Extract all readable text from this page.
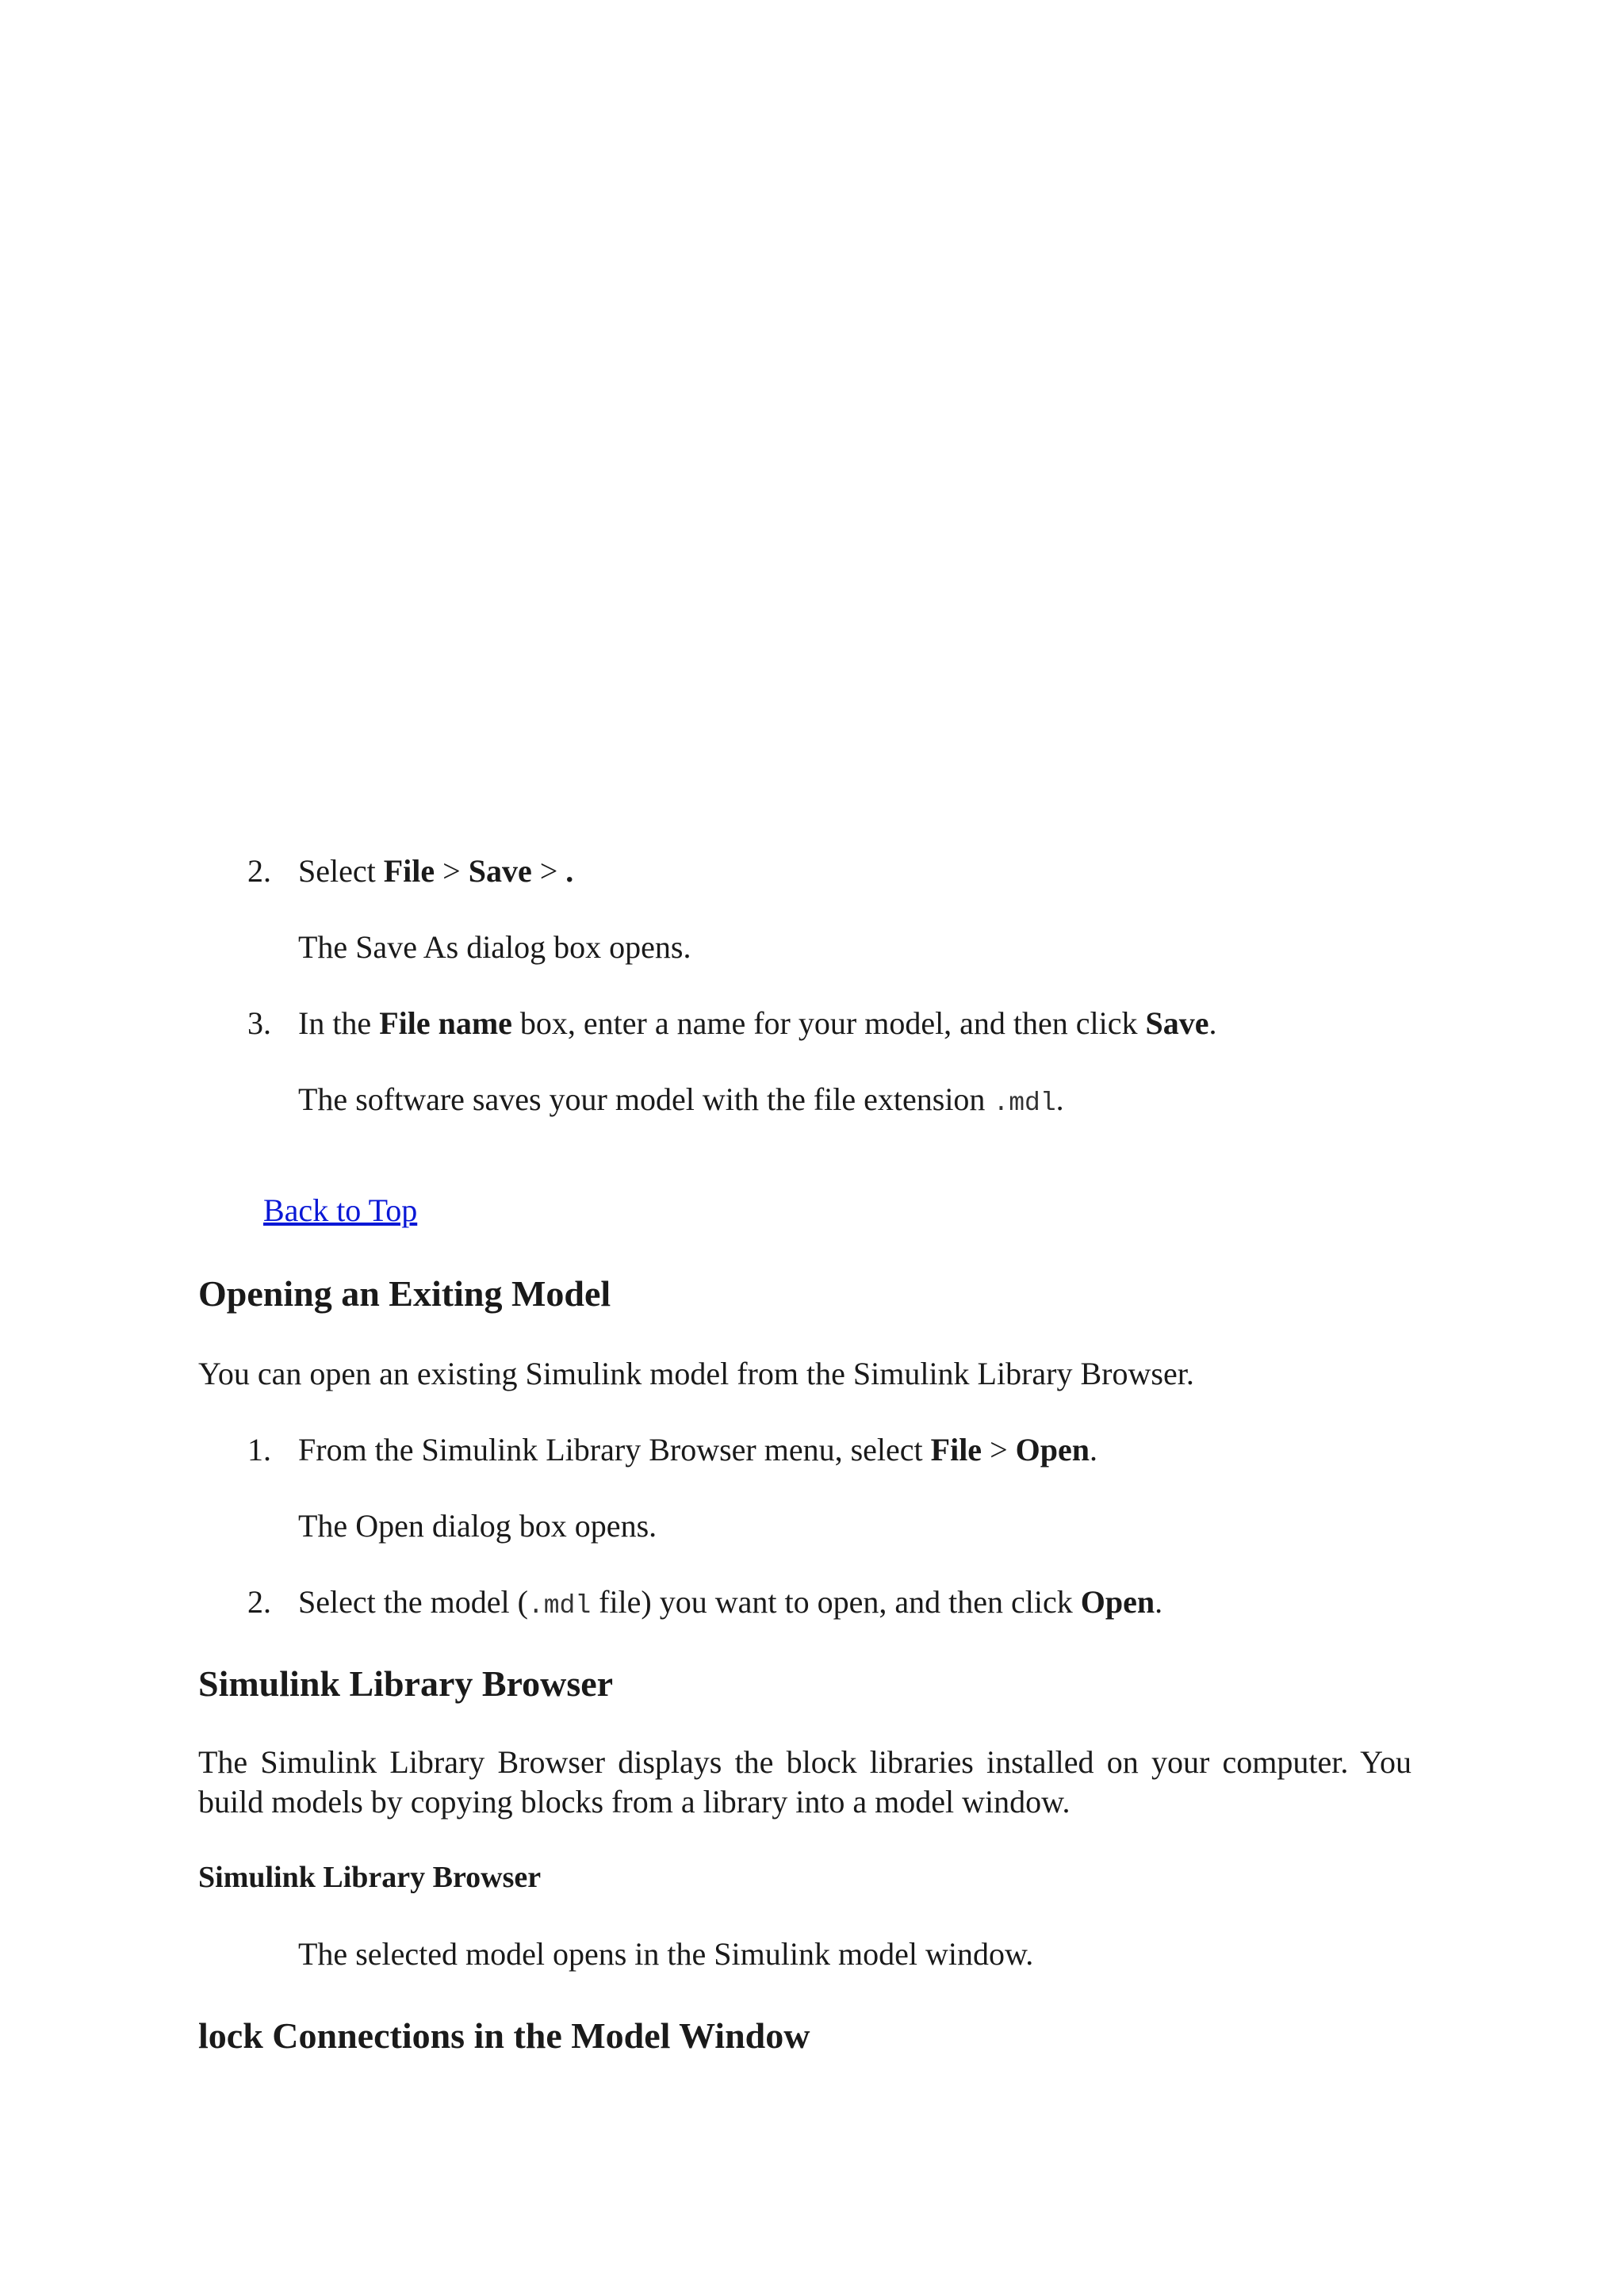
2. Select File > Save > .
The Save As dialog box opens.
3. In the File name box, enter a name for your model, and then click Save.
The software saves your model with the file extension .mdl.
Back to Top
Opening an Exiting Model
You can open an existing Simulink model from the Simulink Library Browser.
1. From the Simulink Library Browser menu, select File > Open.
The Open dialog box opens.
2. Select the model (.mdl file) you want to open, and then click Open.
Simulink Library Browser
The Simulink Library Browser displays the block libraries installed on your computer. You build models by copying blocks from a library into a model window.
Simulink Library Browser
The selected model opens in the Simulink model window.
lock Connections in the Model Window
